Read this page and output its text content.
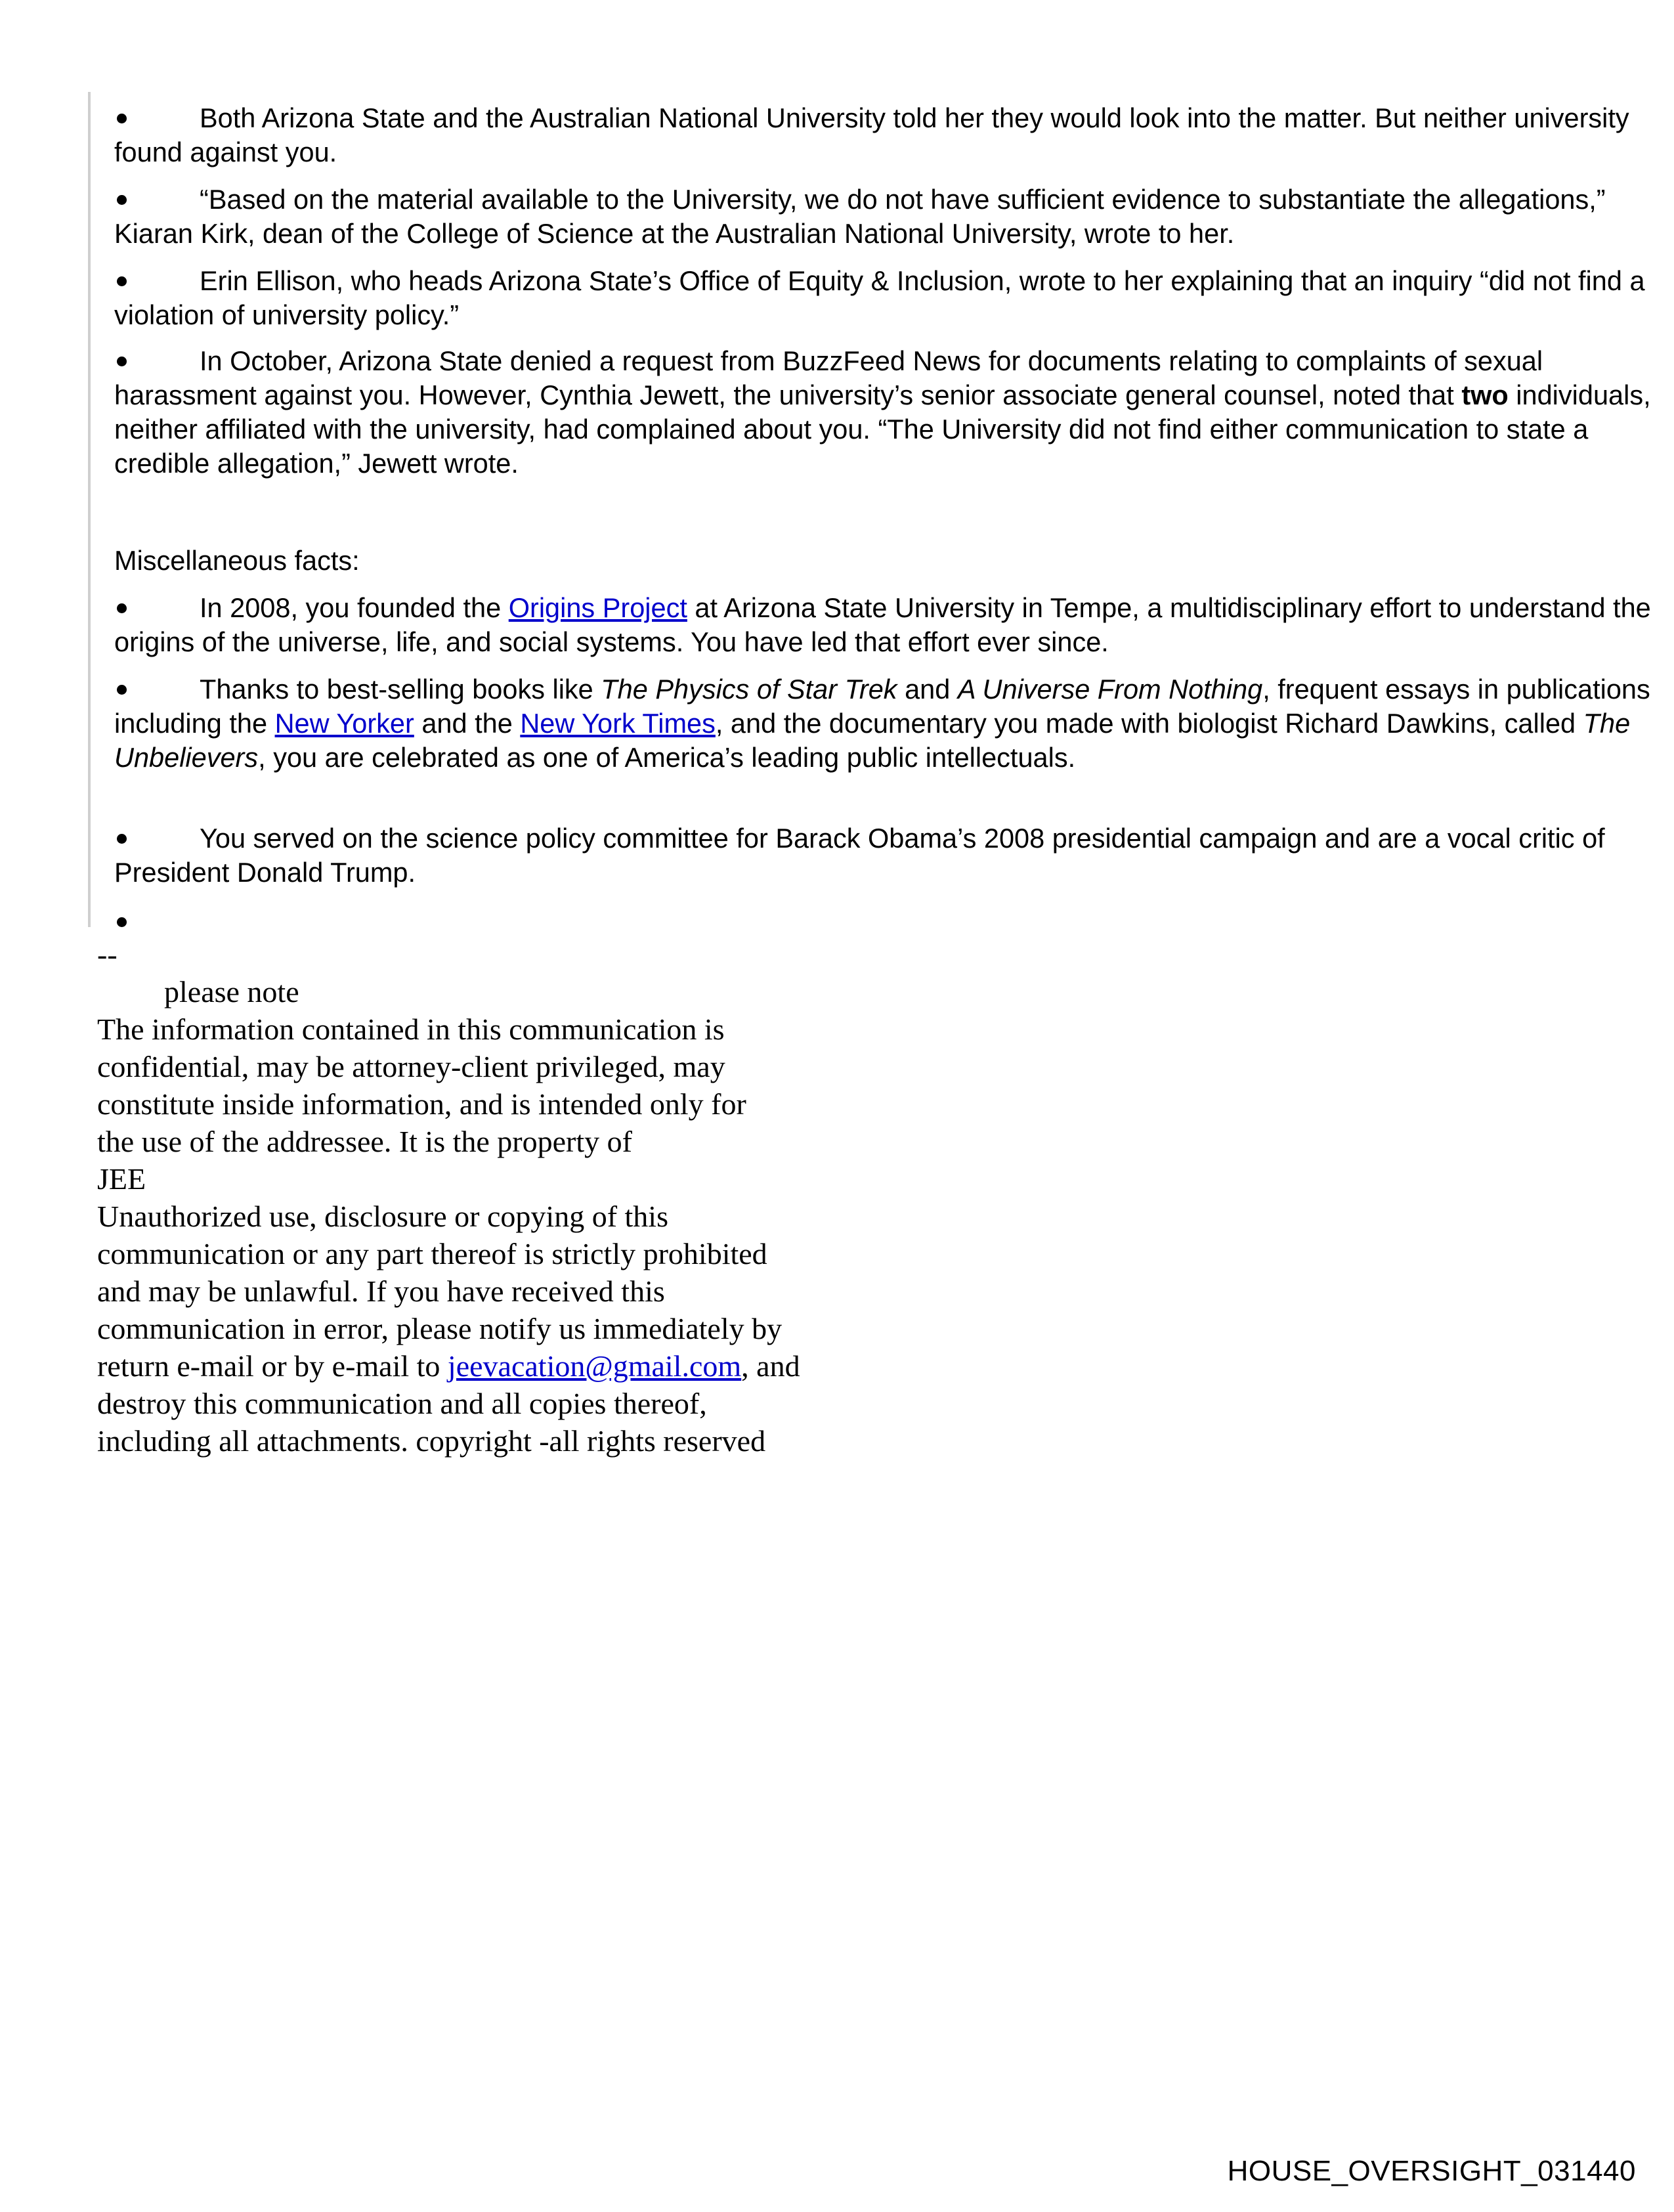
Both Arizona State and the Australian National University told her they would look into the matter. But neither university found against you.

“Based on the material available to the University, we do not have sufficient evidence to substantiate the allegations,” Kiaran Kirk, dean of the College of Science at the Australian National University, wrote to her.

Erin Ellison, who heads Arizona State’s Office of Equity & Inclusion, wrote to her explaining that an inquiry “did not find a violation of university policy.”

In October, Arizona State denied a request from BuzzFeed News for documents relating to complaints of sexual harassment against you. However, Cynthia Jewett, the university’s senior associate general counsel, noted that two individuals, neither affiliated with the university, had complained about you. “The University did not find either communication to state a credible allegation,” Jewett wrote.

Miscellaneous facts:

In 2008, you founded the Origins Project at Arizona State University in Tempe, a multidisciplinary effort to understand the origins of the universe, life, and social systems. You have led that effort ever since.

Thanks to best-selling books like The Physics of Star Trek and A Universe From Nothing, frequent essays in publications including the New Yorker and the New York Times, and the documentary you made with biologist Richard Dawkins, called The Unbelievers, you are celebrated as one of America’s leading public intellectuals.

You served on the science policy committee for Barack Obama’s 2008 presidential campaign and are a vocal critic of President Donald Trump.

--
please note
The information contained in this communication is
confidential, may be attorney-client privileged, may
constitute inside information, and is intended only for
the use of the addressee. It is the property of
JEE
Unauthorized use, disclosure or copying of this
communication or any part thereof is strictly prohibited
and may be unlawful. If you have received this
communication in error, please notify us immediately by
return e-mail or by e-mail to jeevacation@gmail.com, and
destroy this communication and all copies thereof,
including all attachments. copyright -all rights reserved
HOUSE_OVERSIGHT_031440
